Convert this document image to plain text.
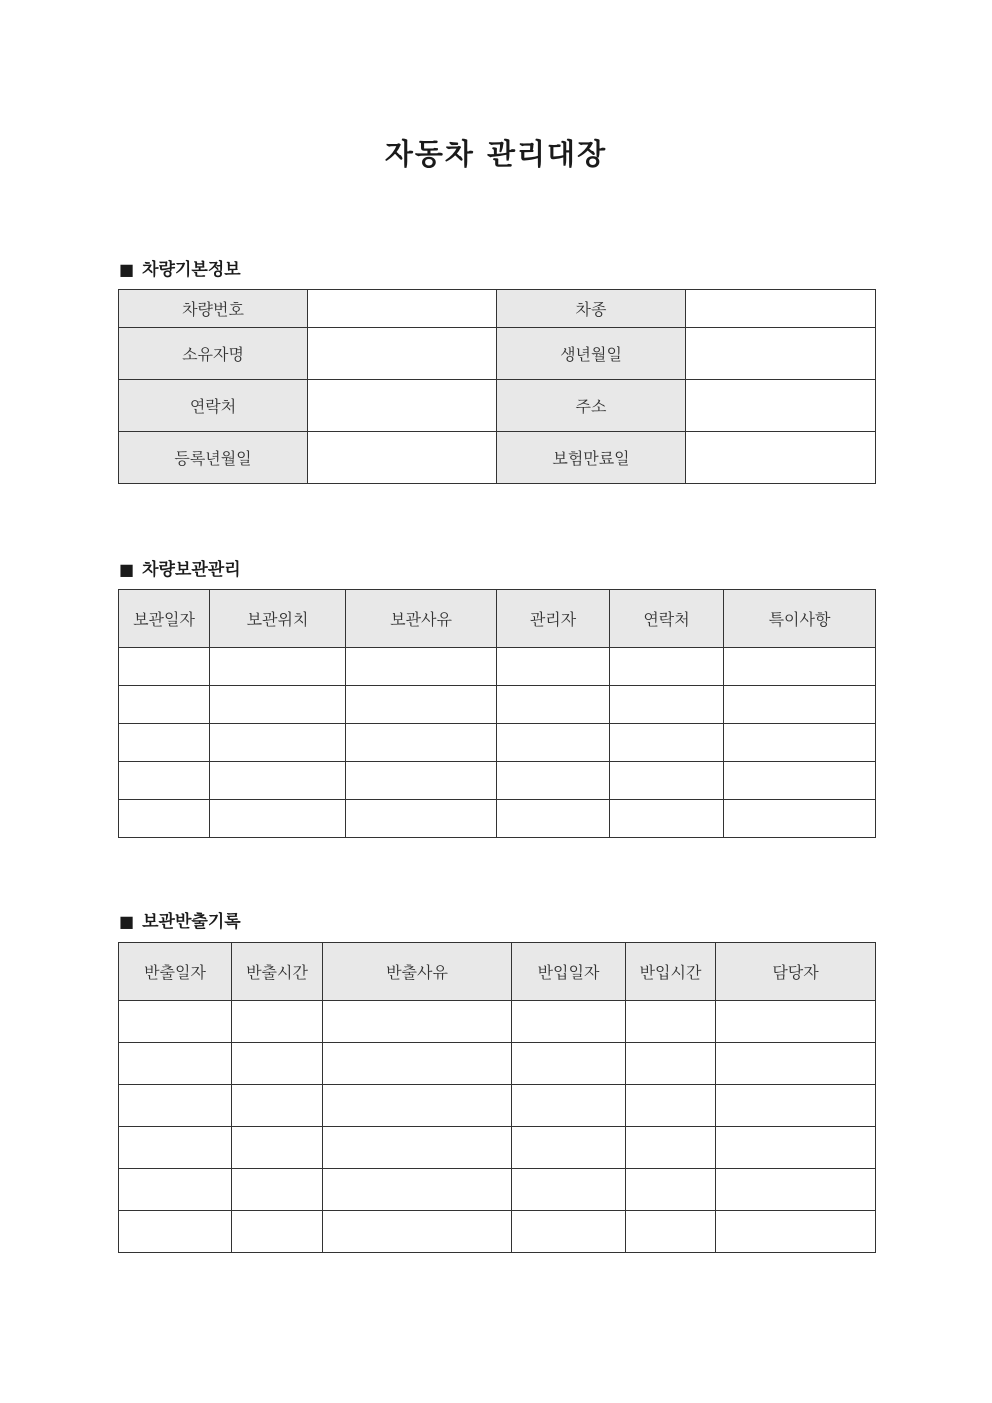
자동차 관리대장
■ 차량기본정보
차량번호		차종	
소유자명		생년월일	
연락처		주소	
등록년월일		보험만료일	
■ 차량보관관리
보관일자	보관위치	보관사유	관리자	연락처	특이사항

■ 보관반출기록
반출일자	반출시간	반출사유	반입일자	반입시간	담당자
